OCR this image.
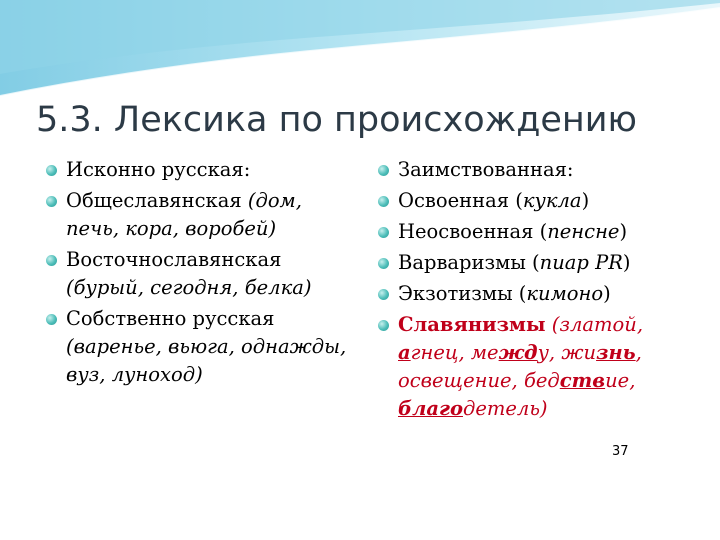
5.3. Лексика по происхождению
Исконно русская:
Общеславянская (дом, печь, кора, воробей)
Восточнославянская (бурый, сегодня, белка)
Собственно русская (варенье, вьюга, однажды, вуз, луноход)
Заимствованная:
Освоенная (кукла)
Неосвоенная (пенсне)
Варваризмы (пиар PR)
Экзотизмы (кимоно)
Славянизмы (златой, агнец, между, жизнь, освещение, бедствие, благодетель)
37
